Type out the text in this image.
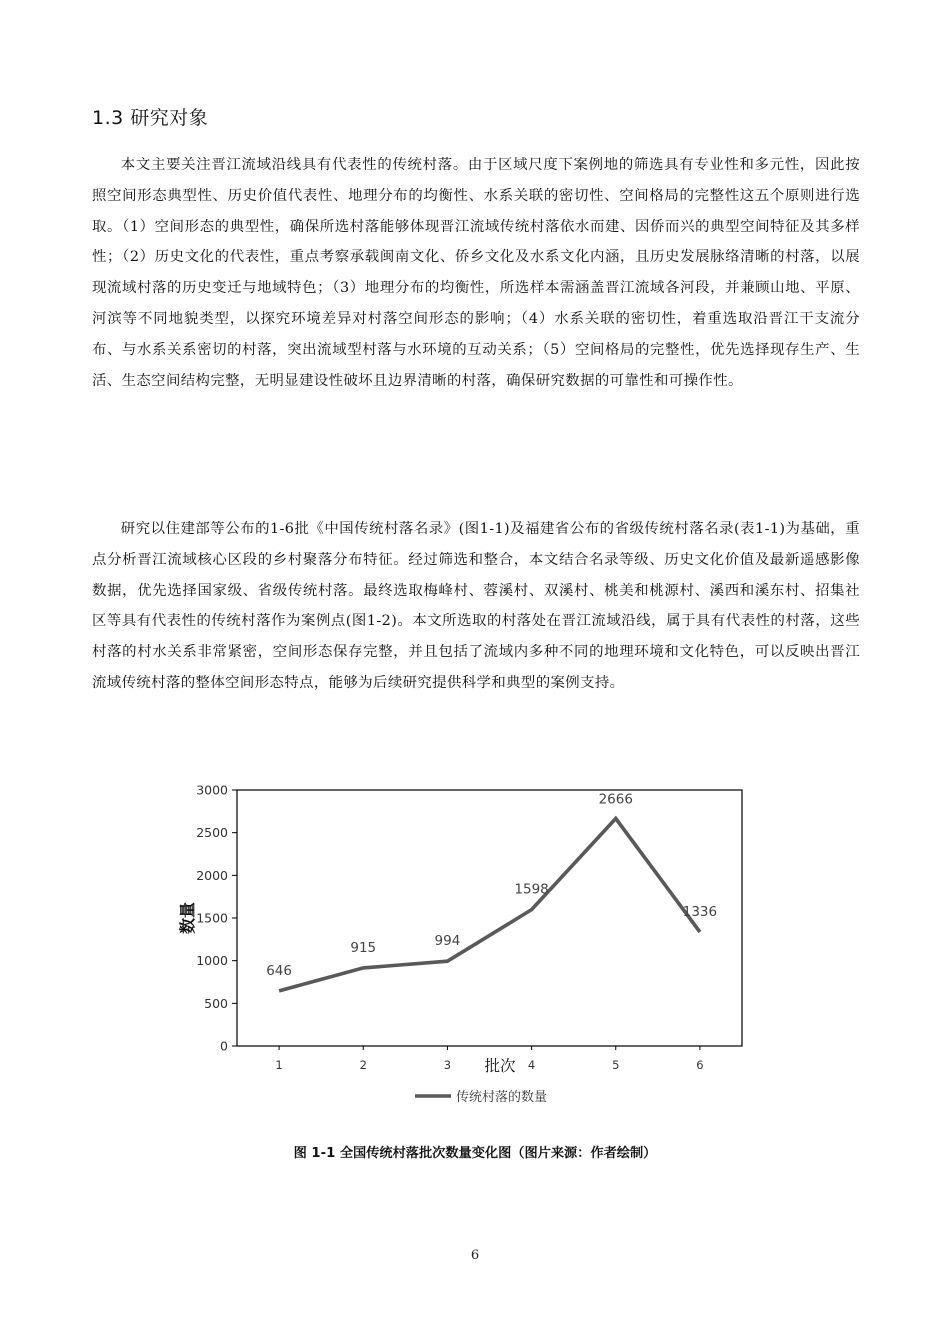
1.3 研究对象

本文主要关注晋江流域沿线具有代表性的传统村落。由于区域尺度下案例地的筛选具有专业性和多元性，因此按照空间形态典型性、历史价值代表性、地理分布的均衡性、水系关联的密切性、空间格局的完整性这五个原则进行选取。（1）空间形态的典型性，确保所选村落能够体现晋江流域传统村落依水而建、因侨而兴的典型空间特征及其多样性；（2）历史文化的代表性，重点考察承载闽南文化、侨乡文化及水系文化内涵，且历史发展脉络清晰的村落，以展现流域村落的历史变迁与地域特色；（3）地理分布的均衡性，所选样本需涵盖晋江流域各河段，并兼顾山地、平原、河滨等不同地貌类型，以探究环境差异对村落空间形态的影响；（4）水系关联的密切性，着重选取沿晋江干支流分布、与水系关系密切的村落，突出流域型村落与水环境的互动关系；（5）空间格局的完整性，优先选择现存生产、生活、生态空间结构完整，无明显建设性破坏且边界清晰的村落，确保研究数据的可靠性和可操作性。

研究以住建部等公布的1-6批《中国传统村落名录》(图1-1)及福建省公布的省级传统村落名录(表1-1)为基础，重点分析晋江流域核心区段的乡村聚落分布特征。经过筛选和整合，本文结合名录等级、历史文化价值及最新遥感影像数据，优先选择国家级、省级传统村落。最终选取梅峰村、蓉溪村、双溪村、桃美和桃源村、溪西和溪东村、招集社区等具有代表性的传统村落作为案例点(图1-2)。本文所选取的村落处在晋江流域沿线，属于具有代表性的村落，这些村落的村水关系非常紧密，空间形态保存完整，并且包括了流域内多种不同的地理环境和文化特色，可以反映出晋江流域传统村落的整体空间形态特点，能够为后续研究提供科学和典型的案例支持。

0
500
1000
1500
2000
2500
3000
1	2	3	4	5	6
批次
数量
646
915	994
1598
2666
1336
传统村落的数量

图 1-1 全国传统村落批次数量变化图（图片来源：作者绘制）

6
